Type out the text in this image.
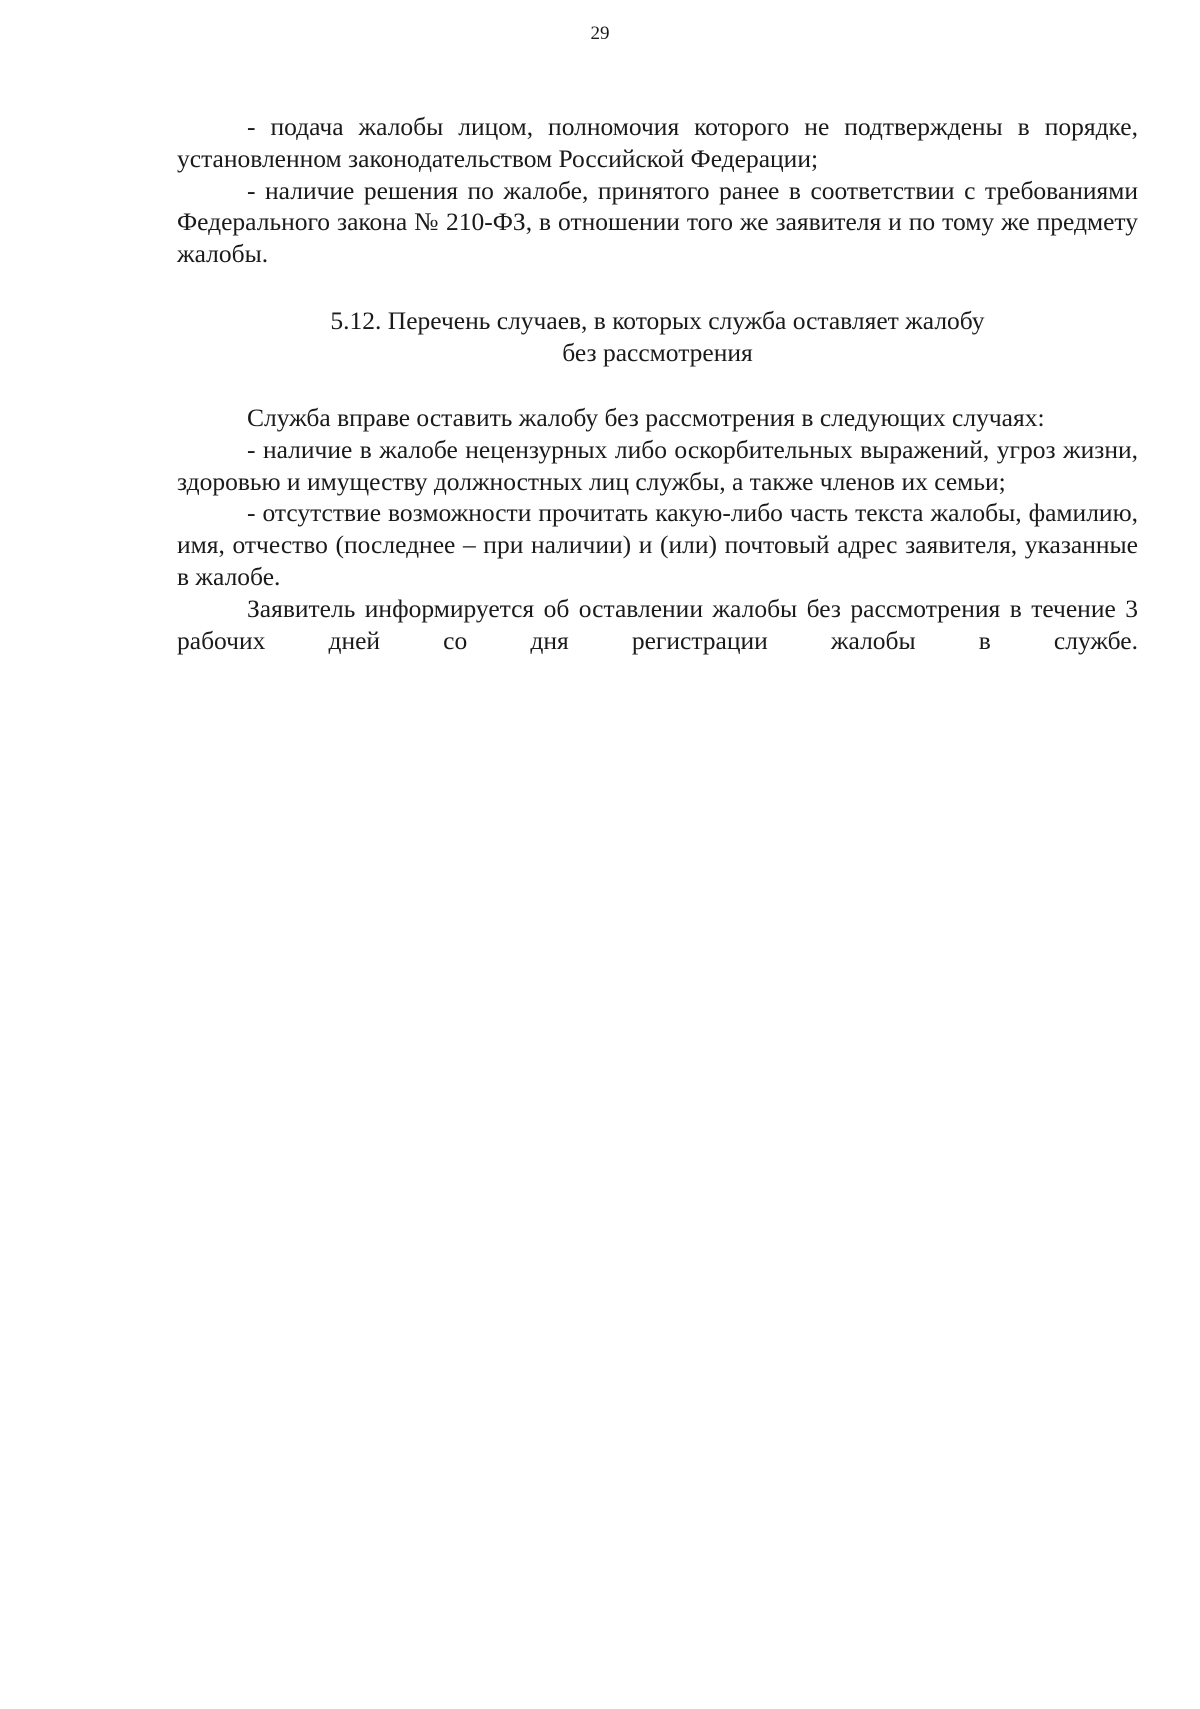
29

- подача жалобы лицом, полномочия которого не подтверждены в порядке, установленном законодательством Российской Федерации;

- наличие решения по жалобе, принятого ранее в соответствии с требованиями Федерального закона № 210-ФЗ, в отношении того же заявителя и по тому же предмету жалобы.

5.12. Перечень случаев, в которых служба оставляет жалобу
без рассмотрения

Служба вправе оставить жалобу без рассмотрения в следующих случаях:

- наличие в жалобе нецензурных либо оскорбительных выражений, угроз жизни, здоровью и имуществу должностных лиц службы, а также членов их семьи;

- отсутствие возможности прочитать какую-либо часть текста жалобы, фамилию, имя, отчество (последнее – при наличии) и (или) почтовый адрес заявителя, указанные в жалобе.

Заявитель информируется об оставлении жалобы без рассмотрения в течение 3 рабочих дней со дня регистрации жалобы в службе.
